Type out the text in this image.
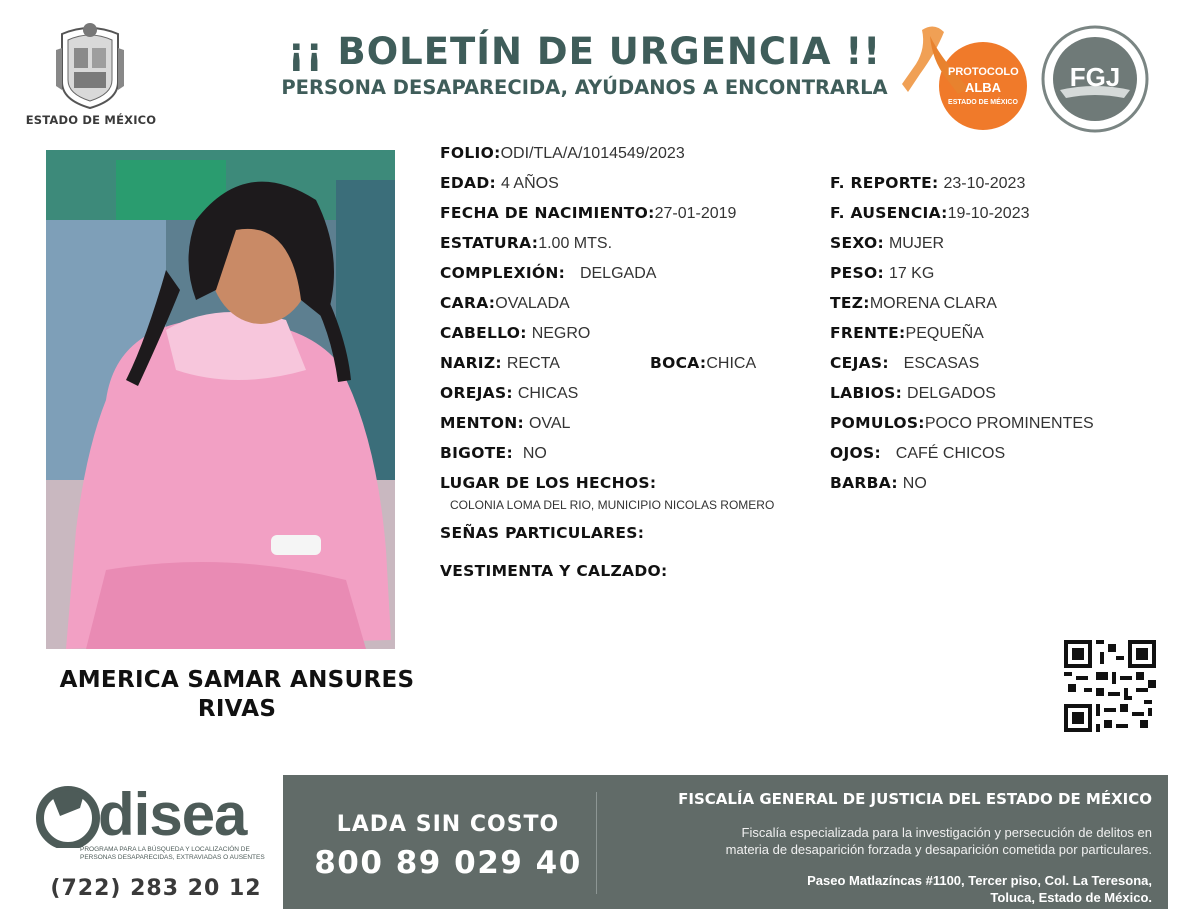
ESTADO DE MÉXICO
¡¡ BOLETÍN DE URGENCIA !!
PERSONA DESAPARECIDA, AYÚDANOS A ENCONTRARLA
PROTOCOLO
ALBA
ESTADO DE MÉXICO
FGJ
AMERICA SAMAR ANSURES
RIVAS
FOLIO:ODI/TLA/A/1014549/2023
EDAD: 4 AÑOS
FECHA DE NACIMIENTO:27-01-2019
ESTATURA:1.00 MTS.
COMPLEXIÓN: DELGADA
CARA:OVALADA
CABELLO: NEGRO
NARIZ: RECTA	BOCA:CHICA
OREJAS: CHICAS
MENTON: OVAL
BIGOTE: NO
LUGAR DE LOS HECHOS:
COLONIA LOMA DEL RIO, MUNICIPIO NICOLAS ROMERO
SEÑAS PARTICULARES:
VESTIMENTA Y CALZADO:
F. REPORTE: 23-10-2023
F. AUSENCIA:19-10-2023
SEXO: MUJER
PESO: 17 KG
TEZ:MORENA CLARA
FRENTE:PEQUEÑA
CEJAS: ESCASAS
LABIOS: DELGADOS
POMULOS:POCO PROMINENTES
OJOS: CAFÉ CHICOS
BARBA: NO
disea
PROGRAMA PARA LA BÚSQUEDA Y LOCALIZACIÓN DE PERSONAS DESAPARECIDAS, EXTRAVIADAS O AUSENTES
(722) 283 20 12
LADA SIN COSTO
800 89 029 40
FISCALÍA GENERAL DE JUSTICIA DEL ESTADO DE MÉXICO
Fiscalía especializada para la investigación y persecución de delitos en
materia de desaparición forzada y desaparición cometida por particulares.
Paseo Matlazíncas #1100, Tercer piso, Col. La Teresona,
Toluca, Estado de México.
